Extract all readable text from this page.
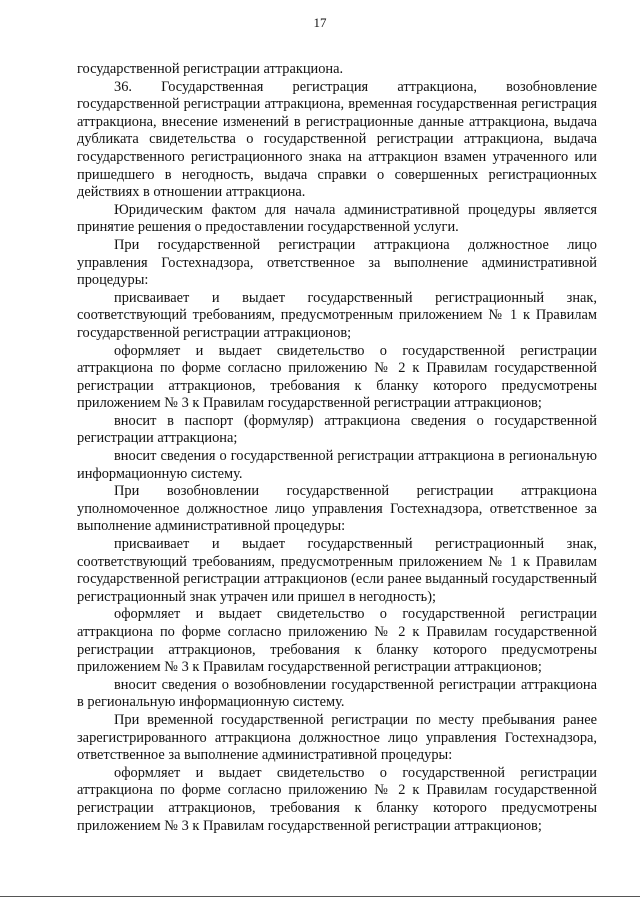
17

государственной регистрации аттракциона.

36. Государственная регистрация аттракциона, возобновление государственной регистрации аттракциона, временная государственная регистрация аттракциона, внесение изменений в регистрационные данные аттракциона, выдача дубликата свидетельства о государственной регистрации аттракциона, выдача государственного регистрационного знака на аттракцион взамен утраченного или пришедшего в негодность, выдача справки о совершенных регистрационных действиях в отношении аттракциона.

Юридическим фактом для начала административной процедуры является принятие решения о предоставлении государственной услуги.

При государственной регистрации аттракциона должностное лицо управления Гостехнадзора, ответственное за выполнение административной процедуры:

присваивает и выдает государственный регистрационный знак, соответствующий требованиям, предусмотренным приложением № 1 к Правилам государственной регистрации аттракционов;

оформляет и выдает свидетельство о государственной регистрации аттракциона по форме согласно приложению № 2 к Правилам государственной регистрации аттракционов, требования к бланку которого предусмотрены приложением № 3 к Правилам государственной регистрации аттракционов;

вносит в паспорт (формуляр) аттракциона сведения о государственной регистрации аттракциона;

вносит сведения о государственной регистрации аттракциона в региональную информационную систему.

При возобновлении государственной регистрации аттракциона уполномоченное должностное лицо управления Гостехнадзора, ответственное за выполнение административной процедуры:

присваивает и выдает государственный регистрационный знак, соответствующий требованиям, предусмотренным приложением № 1 к Правилам государственной регистрации аттракционов (если ранее выданный государственный регистрационный знак утрачен или пришел в негодность);

оформляет и выдает свидетельство о государственной регистрации аттракциона по форме согласно приложению № 2 к Правилам государственной регистрации аттракционов, требования к бланку которого предусмотрены приложением № 3 к Правилам государственной регистрации аттракционов;

вносит сведения о возобновлении государственной регистрации аттракциона в региональную информационную систему.

При временной государственной регистрации по месту пребывания ранее зарегистрированного аттракциона должностное лицо управления Гостехнадзора, ответственное за выполнение административной процедуры:

оформляет и выдает свидетельство о государственной регистрации аттракциона по форме согласно приложению № 2 к Правилам государственной регистрации аттракционов, требования к бланку которого предусмотрены приложением № 3 к Правилам государственной регистрации аттракционов;
